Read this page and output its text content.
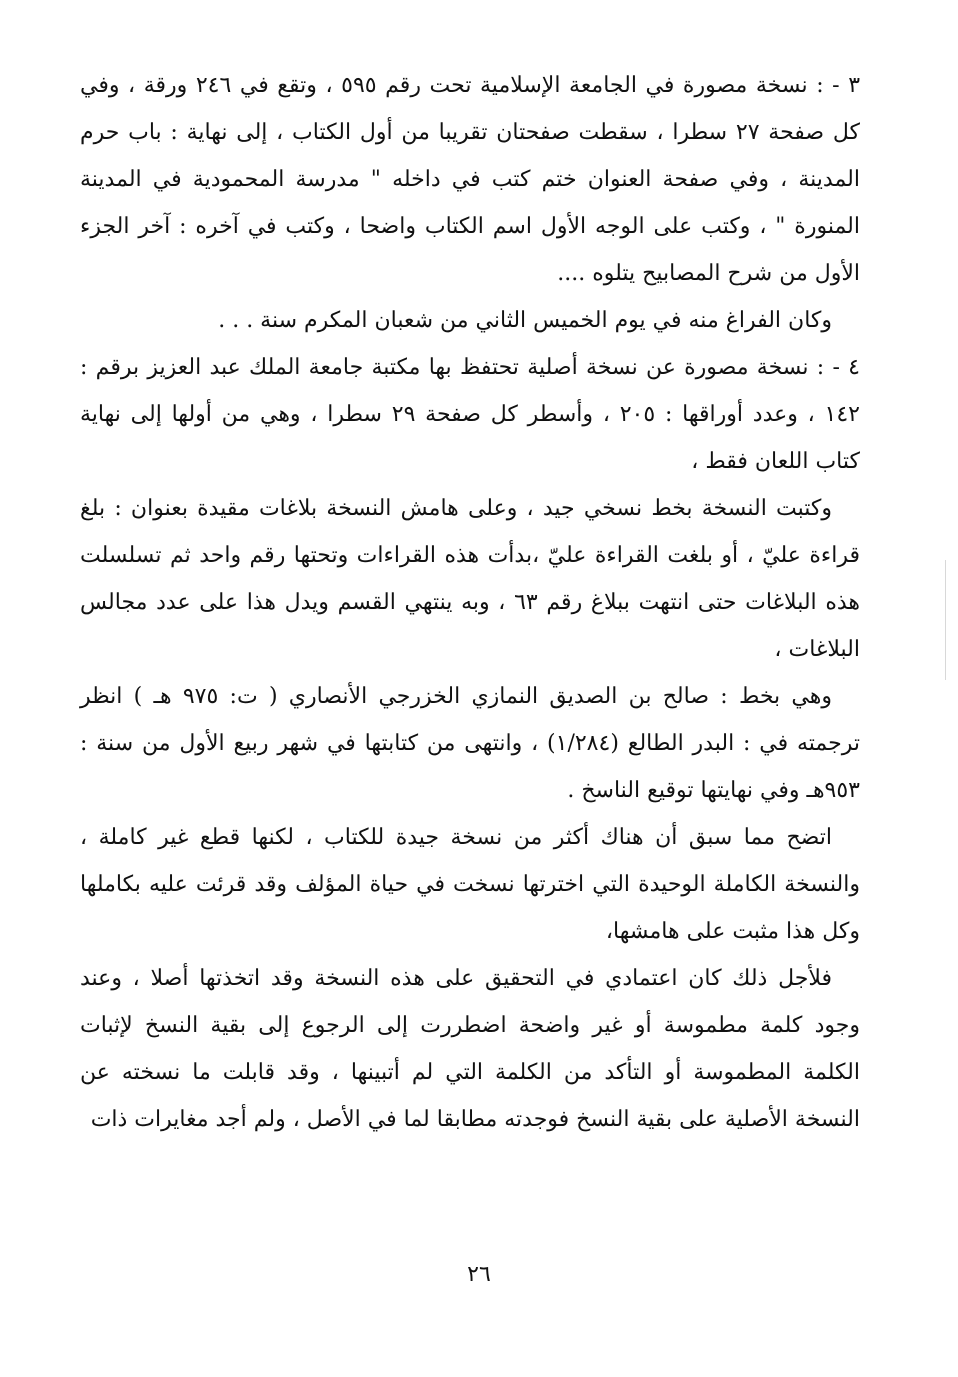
٣ - : نسخة مصورة في الجامعة الإسلامية تحت رقم ٥٩٥ ، وتقع في ٢٤٦ ورقة ، وفي كل صفحة ٢٧ سطرا ، سقطت صفحتان تقريبا من أول الكتاب ، إلى نهاية : باب حرم المدينة ، وفي صفحة العنوان ختم كتب في داخله " مدرسة المحمودية في المدينة المنورة " ، وكتب على الوجه الأول اسم الكتاب واضحا ، وكتب في آخره : آخر الجزء الأول من شرح المصابيح يتلوه ....

وكان الفراغ منه في يوم الخميس الثاني من شعبان المكرم سنة . . .

٤ - : نسخة مصورة عن نسخة أصلية تحتفظ بها مكتبة جامعة الملك عبد العزيز برقم : ١٤٢ ، وعدد أوراقها : ٢٠٥ ، وأسطر كل صفحة ٢٩ سطرا ، وهي من أولها إلى نهاية كتاب اللعان فقط ،

وكتبت النسخة بخط نسخي جيد ، وعلى هامش النسخة بلاغات مقيدة بعنوان : بلغ قراءة عليّ ، أو بلغت القراءة عليّ ،بدأت هذه القراءات وتحتها رقم واحد ثم تسلسلت هذه البلاغات حتى انتهت ببلاغ رقم ٦٣ ، وبه ينتهي القسم ويدل هذا على عدد مجالس البلاغات ،

وهي بخط : صالح بن الصديق النمازي الخزرجي الأنصاري ( ت: ٩٧٥ هـ ) انظر ترجمته في : البدر الطالع (١/٢٨٤) ، وانتهى من كتابتها في شهر ربيع الأول من سنة : ٩٥٣هـ وفي نهايتها توقيع الناسخ .

اتضح مما سبق أن هناك أكثر من نسخة جيدة للكتاب ، لكنها قطع غير كاملة ، والنسخة الكاملة الوحيدة التي اخترتها نسخت في حياة المؤلف وقد قرئت عليه بكاملها وكل هذا مثبت على هامشها،

فلأجل ذلك كان اعتمادي في التحقيق على هذه النسخة وقد اتخذتها أصلا ، وعند وجود كلمة مطموسة أو غير واضحة اضطررت إلى الرجوع إلى بقية النسخ لإثبات الكلمة المطموسة أو التأكد من الكلمة التي لم أتبينها ، وقد قابلت ما نسخته عن النسخة الأصلية على بقية النسخ فوجدته مطابقا لما في الأصل ، ولم أجد مغايرات ذات

٢٦
